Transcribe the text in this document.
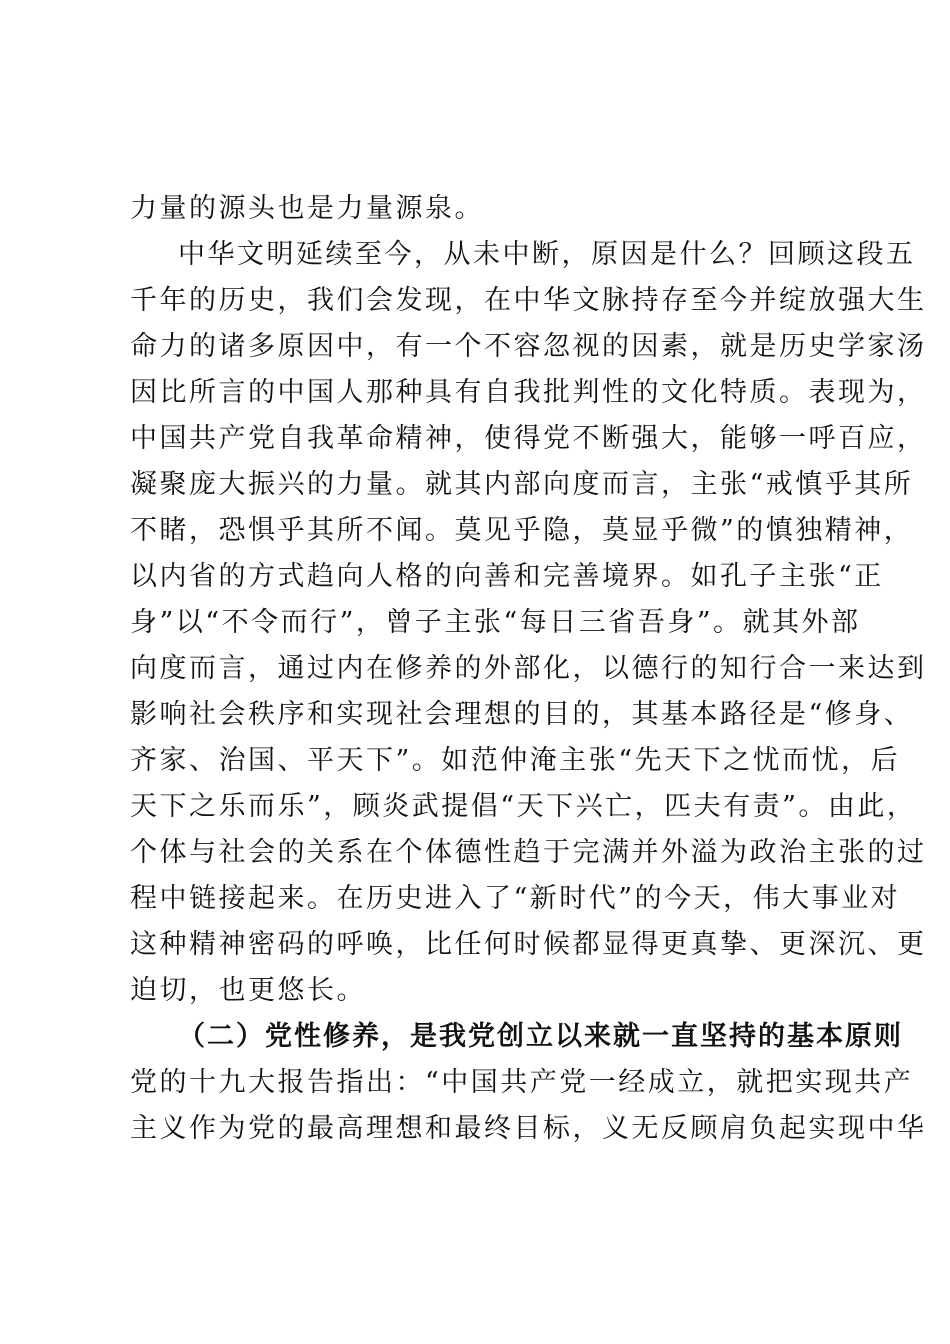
力量的源头也是力量源泉。
中华文明延续至今，从未中断，原因是什么？回顾这段五
千年的历史，我们会发现，在中华文脉持存至今并绽放强大生
命力的诸多原因中，有一个不容忽视的因素，就是历史学家汤
因比所言的中国人那种具有自我批判性的文化特质。表现为，
中国共产党自我革命精神，使得党不断强大，能够一呼百应，
凝聚庞大振兴的力量。就其内部向度而言，主张“戒慎乎其所
不睹，恐惧乎其所不闻。莫见乎隐，莫显乎微”的慎独精神，
以内省的方式趋向人格的向善和完善境界。如孔子主张“正
身”以“不令而行”，曾子主张“每日三省吾身”。就其外部
向度而言，通过内在修养的外部化，以德行的知行合一来达到
影响社会秩序和实现社会理想的目的，其基本路径是“修身、
齐家、治国、平天下”。如范仲淹主张“先天下之忧而忧，后
天下之乐而乐”，顾炎武提倡“天下兴亡，匹夫有责”。由此，
个体与社会的关系在个体德性趋于完满并外溢为政治主张的过
程中链接起来。在历史进入了“新时代”的今天，伟大事业对
这种精神密码的呼唤，比任何时候都显得更真挚、更深沉、更
迫切，也更悠长。
（二）党性修养，是我党创立以来就一直坚持的基本原则
党的十九大报告指出：“中国共产党一经成立，就把实现共产
主义作为党的最高理想和最终目标，义无反顾肩负起实现中华
